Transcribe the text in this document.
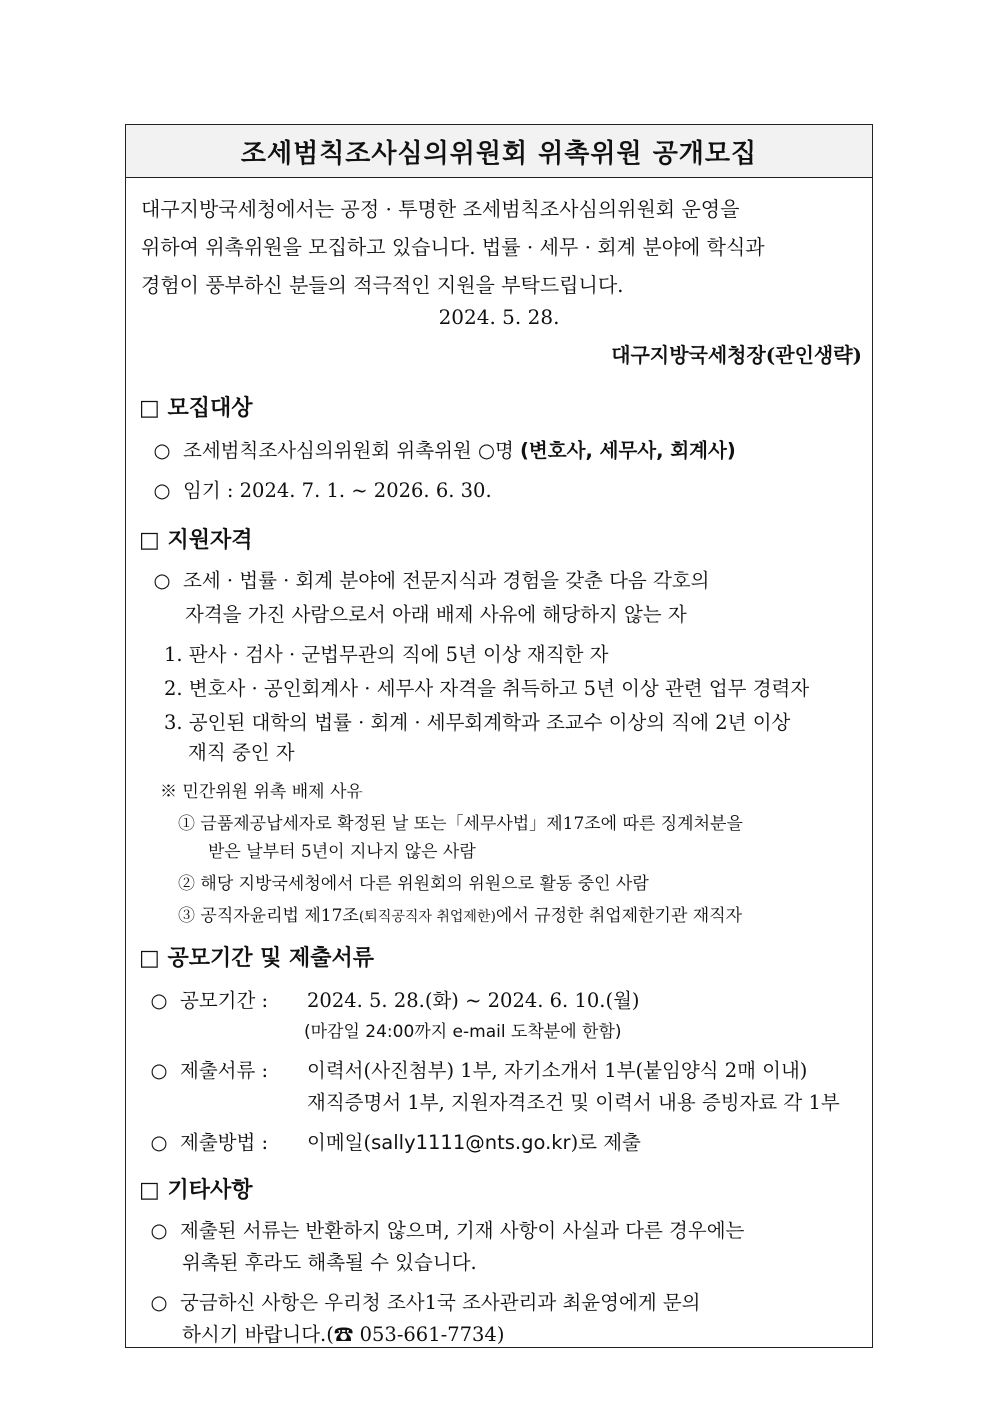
조세범칙조사심의위원회 위촉위원 공개모집

대구지방국세청에서는 공정 · 투명한 조세범칙조사심의위원회 운영을

위하여 위촉위원을 모집하고 있습니다. 법률 · 세무 · 회계 분야에 학식과

경험이 풍부하신 분들의 적극적인 지원을 부탁드립니다.

2024. 5. 28.
대구지방국세청장(관인생략)
□ 모집대상
○ 조세범칙조사심의위원회 위촉위원 ○명 (변호사, 세무사, 회계사)
○ 임기 : 2024. 7. 1. ~ 2026. 6. 30.
□ 지원자격
○ 조세 · 법률 · 회계 분야에 전문지식과 경험을 갖춘 다음 각호의
자격을 가진 사람으로서 아래 배제 사유에 해당하지 않는 자
1. 판사 · 검사 · 군법무관의 직에 5년 이상 재직한 자
2. 변호사 · 공인회계사 · 세무사 자격을 취득하고 5년 이상 관련 업무 경력자
3. 공인된 대학의 법률 · 회계 · 세무회계학과 조교수 이상의 직에 2년 이상
재직 중인 자
※ 민간위원 위촉 배제 사유
① 금품제공납세자로 확정된 날 또는「세무사법」제17조에 따른 징계처분을
받은 날부터 5년이 지나지 않은 사람
② 해당 지방국세청에서 다른 위원회의 위원으로 활동 중인 사람
③ 공직자윤리법 제17조(퇴직공직자 취업제한)에서 규정한 취업제한기관 재직자
□ 공모기간 및 제출서류
○ 공모기간 : 2024. 5. 28.(화) ~ 2024. 6. 10.(월)
(마감일 24:00까지 e-mail 도착분에 한함)
○ 제출서류 : 이력서(사진첨부) 1부, 자기소개서 1부(붙임양식 2매 이내)
재직증명서 1부, 지원자격조건 및 이력서 내용 증빙자료 각 1부
○ 제출방법 : 이메일(sally1111@nts.go.kr)로 제출
□ 기타사항
○ 제출된 서류는 반환하지 않으며, 기재 사항이 사실과 다른 경우에는
위촉된 후라도 해촉될 수 있습니다.
○ 궁금하신 사항은 우리청 조사1국 조사관리과 최윤영에게 문의
하시기 바랍니다.(☎ 053-661-7734)
